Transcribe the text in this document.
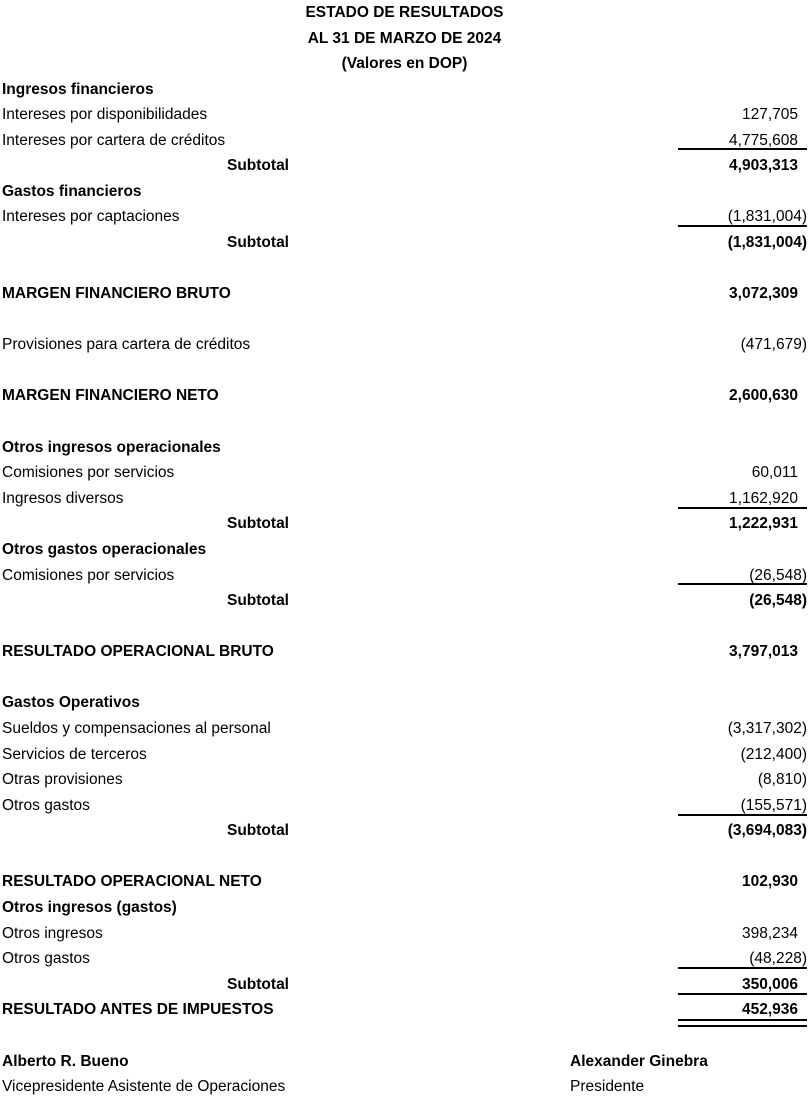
ESTADO DE RESULTADOS
AL 31 DE MARZO DE 2024
(Valores en DOP)
Ingresos financieros
Intereses por disponibilidades	127,705
Intereses por cartera de créditos	4,775,608
Subtotal	4,903,313
Gastos financieros
Intereses por captaciones	(1,831,004)
Subtotal	(1,831,004)
MARGEN FINANCIERO BRUTO	3,072,309
Provisiones para cartera de créditos	(471,679)
MARGEN FINANCIERO NETO	2,600,630
Otros ingresos operacionales
Comisiones por servicios	60,011
Ingresos diversos	1,162,920
Subtotal	1,222,931
Otros gastos operacionales
Comisiones por servicios	(26,548)
Subtotal	(26,548)
RESULTADO OPERACIONAL BRUTO	3,797,013
Gastos Operativos
Sueldos y compensaciones al personal	(3,317,302)
Servicios de terceros	(212,400)
Otras provisiones	(8,810)
Otros gastos	(155,571)
Subtotal	(3,694,083)
RESULTADO OPERACIONAL NETO	102,930
Otros ingresos (gastos)
Otros ingresos	398,234
Otros gastos	(48,228)
Subtotal	350,006
RESULTADO ANTES DE IMPUESTOS	452,936
Alberto R. Bueno	Alexander Ginebra
Vicepresidente Asistente de Operaciones	Presidente
